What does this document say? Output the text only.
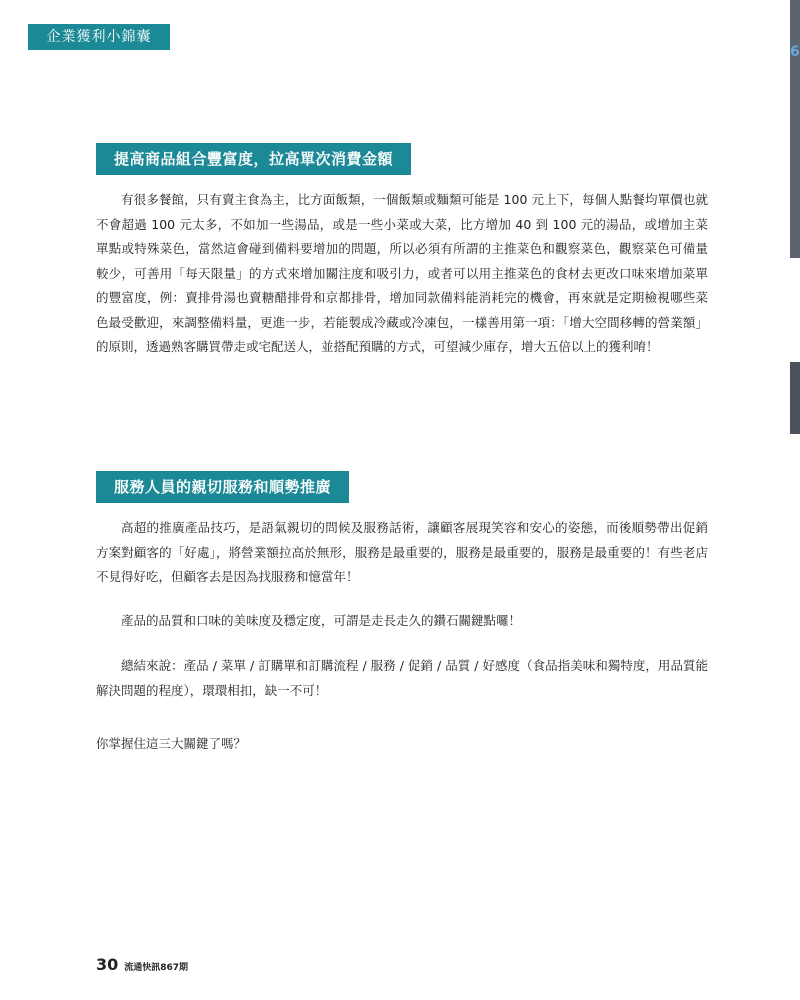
企業獲利小錦囊
6
提高商品組合豐富度，拉高單次消費金額

有很多餐館，只有賣主食為主，比方面飯類，一個飯類或麵類可能是 100 元上下，每個人點餐均單價也就不會超過 100 元太多，不如加一些湯品，或是一些小菜或大菜，比方增加 40 到 100 元的湯品，或增加主菜單點或特殊菜色，當然這會碰到備料要增加的問題，所以必須有所謂的主推菜色和觀察菜色，觀察菜色可備量較少，可善用「每天限量」的方式來增加關注度和吸引力，或者可以用主推菜色的食材去更改口味來增加菜單的豐富度，例：賣排骨湯也賣糖醋排骨和京都排骨，增加同款備料能消耗完的機會，再來就是定期檢視哪些菜色最受歡迎，來調整備料量，更進一步，若能製成冷藏或冷凍包，一樣善用第一項：「增大空間移轉的營業額」的原則，透過熟客購買帶走或宅配送人，並搭配預購的方式，可望減少庫存，增大五倍以上的獲利唷！

服務人員的親切服務和順勢推廣

高超的推廣產品技巧，是語氣親切的問候及服務話術，讓顧客展現笑容和安心的姿態，而後順勢帶出促銷方案對顧客的「好處」，將營業額拉高於無形，服務是最重要的，服務是最重要的，服務是最重要的！有些老店不見得好吃，但顧客去是因為找服務和憶當年！

產品的品質和口味的美味度及穩定度，可謂是走長走久的鑽石關鍵點囉！

總結來說：產品 / 菜單 / 訂購單和訂購流程 / 服務 / 促銷 / 品質 / 好感度（食品指美味和獨特度，用品質能解決問題的程度），環環相扣，缺一不可！

你掌握住這三大關鍵了嗎？

30 流通快訊867期
